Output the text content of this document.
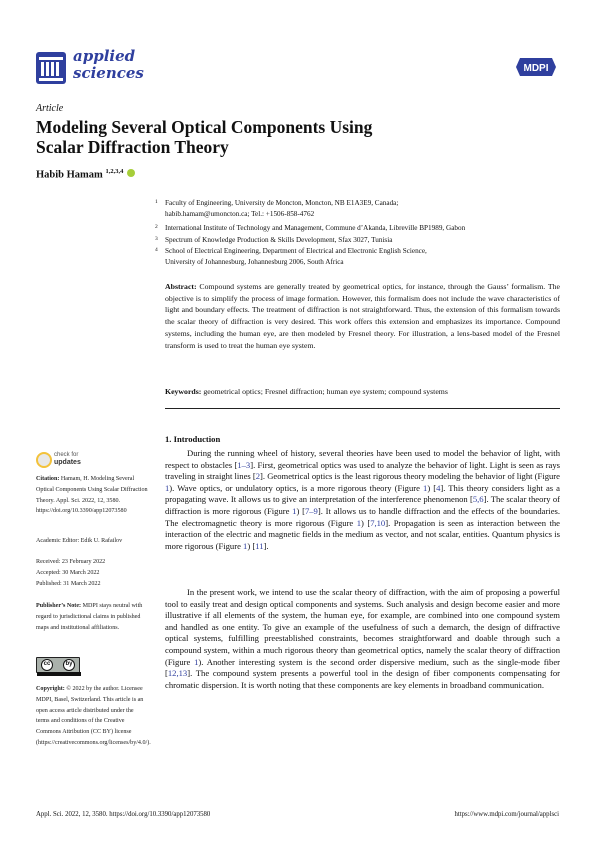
applied
sciences	MDPI
Article
Modeling Several Optical Components Using Scalar Diffraction Theory
Habib Hamam $^{1,2,3,4}$
1 Faculty of Engineering, University de Moncton, Moncton, NB E1A3E9, Canada;
habib.hamam@umoncton.ca; Tel.: +1506-858-4762
2 International Institute of Technology and Management, Commune d’Akanda, Libreville BP1989, Gabon
3 Spectrum of Knowledge Production & Skills Development, Sfax 3027, Tunisia
4 School of Electrical Engineering, Department of Electrical and Electronic English Science,
University of Johannesburg, Johannesburg 2006, South Africa
Abstract: Compound systems are generally treated by geometrical optics, for instance, through the Gauss’ formalism. The objective is to simplify the process of image formation. However, this formalism does not include the wave characteristics of light and boundary effects. The treatment of diffraction is not straightforward. Thus, the extension of this formalism towards the scalar theory of diffraction is very desired. This work offers this extension and emphasizes its importance. Compound systems, including the human eye, are then modeled by Fresnel theory. For illustration, a lens-based model of the Fresnel transform is used to treat the human eye system.
Keywords: geometrical optics; Fresnel diffraction; human eye system; compound systems
check for
updates
Citation: Hamam, H. Modeling Several Optical Components Using Scalar Diffraction Theory. Appl. Sci. 2022, 12, 3580. https://doi.org/10.3390/app12073580
Academic Editor: Edik U. Rafailov
Received: 23 February 2022
Accepted: 30 March 2022
Published: 31 March 2022
Publisher’s Note: MDPI stays neutral with regard to jurisdictional claims in published maps and institutional affiliations.
cc	by
Copyright: © 2022 by the author. Licensee MDPI, Basel, Switzerland. This article is an open access article distributed under the terms and conditions of the Creative Commons Attribution (CC BY) license (https://creativecommons.org/licenses/by/4.0/).
1. Introduction
During the running wheel of history, several theories have been used to model the behavior of light, with respect to obstacles [1–3]. First, geometrical optics was used to analyze the behavior of light. Light is seen as rays traveling in straight lines [2]. Geometrical optics is the least rigorous theory modeling the behavior of light (Figure 1). Wave optics, or undulatory optics, is a more rigorous theory (Figure 1) [4]. This theory considers light as a propagating wave. It allows us to give an interpretation of the interference phenomenon [5,6]. The scalar theory of diffraction is more rigorous (Figure 1) [7–9]. It allows us to handle diffraction and the effects of the boundaries. The electromagnetic theory is more rigorous (Figure 1) [7,10]. Propagation is seen as interaction between the interaction of the electric and magnetic fields in the medium as vector, and not scalar, entities. Quantum physics is more rigorous (Figure 1) [11].
In the present work, we intend to use the scalar theory of diffraction, with the aim of proposing a powerful tool to easily treat and design optical components and systems. Such analysis and design become easier and more illustrative if all elements of the system, the human eye, for example, are combined into one compound system and handled as one entity. To give an example of the usefulness of such a demarch, the design of diffractive optical systems, fulfilling preestablished constraints, becomes straightforward and doable through such a compound system, within a much rigorous theory than geometrical optics, namely the scalar theory of diffraction (Figure 1). Another interesting system is the second order dispersive medium, such as the single-mode fiber [12,13]. The compound system presents a powerful tool in the design of fiber components compensating for chromatic dispersion. It is worth noting that these components are key elements in broadband communication.
Appl. Sci. 2022, 12, 3580. https://doi.org/10.3390/app12073580	https://www.mdpi.com/journal/applsci
